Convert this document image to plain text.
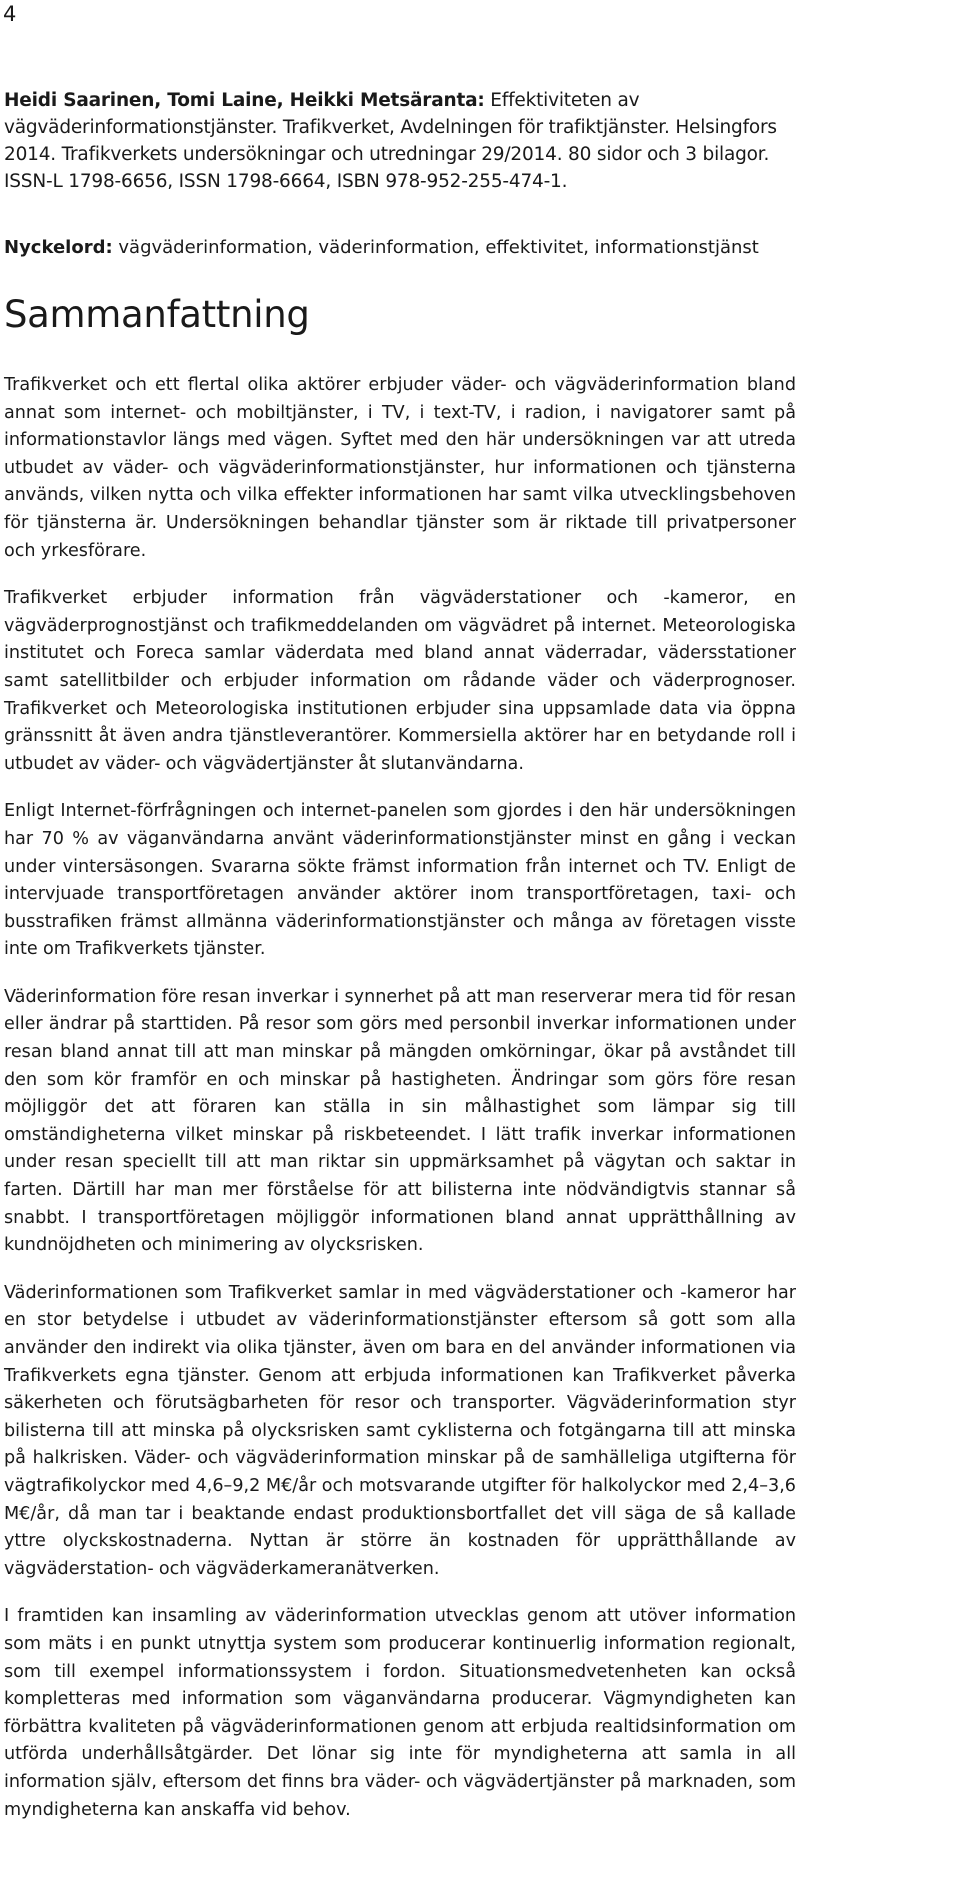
4

Heidi Saarinen, Tomi Laine, Heikki Metsäranta: Effektiviteten av vägväderinformationstjänster. Trafikverket, Avdelningen för trafiktjänster. Helsingfors 2014. Trafikverkets undersökningar och utredningar 29/2014. 80 sidor och 3 bilagor. ISSN-L 1798-6656, ISSN 1798-6664, ISBN 978-952-255-474-1.

Nyckelord: vägväderinformation, väderinformation, effektivitet, informationstjänst

Sammanfattning

Trafikverket och ett flertal olika aktörer erbjuder väder- och vägväderinformation bland annat som internet- och mobiltjänster, i TV, i text-TV, i radion, i navigatorer samt på informationstavlor längs med vägen. Syftet med den här undersökningen var att utreda utbudet av väder- och vägväderinformationstjänster, hur informationen och tjänsterna används, vilken nytta och vilka effekter informationen har samt vilka utvecklingsbehoven för tjänsterna är. Undersökningen behandlar tjänster som är riktade till privatpersoner och yrkesförare.

Trafikverket erbjuder information från vägväderstationer och -kameror, en vägväderprognostjänst och trafikmeddelanden om vägvädret på internet. Meteorologiska institutet och Foreca samlar väderdata med bland annat väderradar, vädersstationer samt satellitbilder och erbjuder information om rådande väder och väderprognoser. Trafikverket och Meteorologiska institutionen erbjuder sina uppsamlade data via öppna gränssnitt åt även andra tjänstleverantörer. Kommersiella aktörer har en betydande roll i utbudet av väder- och vägvädertjänster åt slutanvändarna.

Enligt Internet-förfrågningen och internet-panelen som gjordes i den här undersökningen har 70 % av väganvändarna använt väderinformationstjänster minst en gång i veckan under vintersäsongen. Svararna sökte främst information från internet och TV. Enligt de intervjuade transportföretagen använder aktörer inom transportföretagen, taxi- och busstrafiken främst allmänna väderinformationstjänster och många av företagen visste inte om Trafikverkets tjänster.

Väderinformation före resan inverkar i synnerhet på att man reserverar mera tid för resan eller ändrar på starttiden. På resor som görs med personbil inverkar informationen under resan bland annat till att man minskar på mängden omkörningar, ökar på avståndet till den som kör framför en och minskar på hastigheten. Ändringar som görs före resan möjliggör det att föraren kan ställa in sin målhastighet som lämpar sig till omständigheterna vilket minskar på riskbeteendet. I lätt trafik inverkar informationen under resan speciellt till att man riktar sin uppmärksamhet på vägytan och saktar in farten. Därtill har man mer förståelse för att bilisterna inte nödvändigtvis stannar så snabbt. I transportföretagen möjliggör informationen bland annat upprätthållning av kundnöjdheten och minimering av olycksrisken.

Väderinformationen som Trafikverket samlar in med vägväderstationer och -kameror har en stor betydelse i utbudet av väderinformationstjänster eftersom så gott som alla använder den indirekt via olika tjänster, även om bara en del använder informationen via Trafikverkets egna tjänster. Genom att erbjuda informationen kan Trafikverket påverka säkerheten och förutsägbarheten för resor och transporter. Vägväderinformation styr bilisterna till att minska på olycksrisken samt cyklisterna och fotgängarna till att minska på halkrisken. Väder- och vägväderinformation minskar på de samhälleliga utgifterna för vägtrafikolyckor med 4,6–9,2 M€/år och motsvarande utgifter för halkolyckor med 2,4–3,6 M€/år, då man tar i beaktande endast produktionsbortfallet det vill säga de så kallade yttre olyckskostnaderna. Nyttan är större än kostnaden för upprätthållande av vägväderstation- och vägväderkameranätverken.

I framtiden kan insamling av väderinformation utvecklas genom att utöver information som mäts i en punkt utnyttja system som producerar kontinuerlig information regionalt, som till exempel informationssystem i fordon. Situationsmedvetenheten kan också kompletteras med information som väganvändarna producerar. Vägmyndigheten kan förbättra kvaliteten på vägväderinformationen genom att erbjuda realtidsinformation om utförda underhållsåtgärder. Det lönar sig inte för myndigheterna att samla in all information själv, eftersom det finns bra väder- och vägvädertjänster på marknaden, som myndigheterna kan anskaffa vid behov.
